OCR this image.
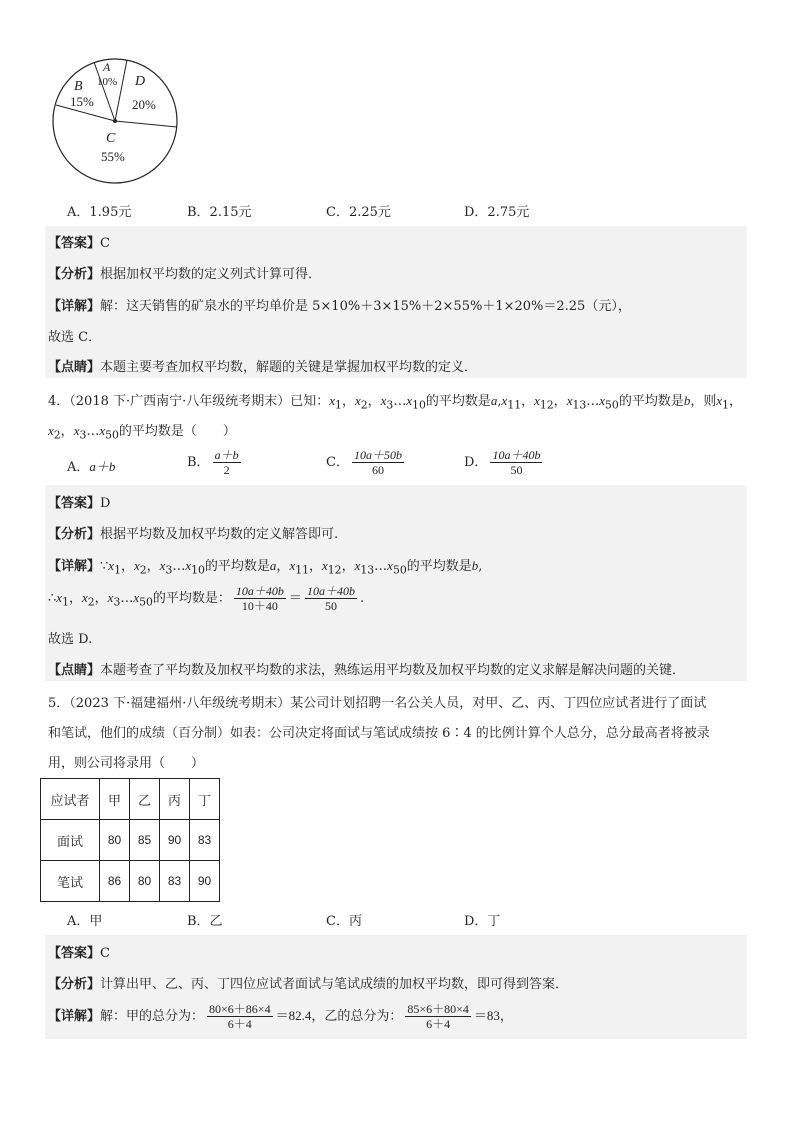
A
10% D
20%
B
15%
C
55%
A．1.95元	B．2.15元	C．2.25元	D．2.75元
【答案】C
【分析】根据加权平均数的定义列式计算可得．
【详解】解：这天销售的矿泉水的平均单价是 5×10%＋3×15%＋2×55%＋1×20%＝2.25（元），
故选 C．
【点睛】本题主要考查加权平均数，解题的关键是掌握加权平均数的定义．
4．（2018 下·广西南宁·八年级统考期末）已知：$x_1$，$x_2$，$x_3\dots x_{10}$的平均数是$a,x_{11}$，$x_{12}$，$x_{13}\dots x_{50}$的平均数是b，则$x_1$，
$x_2$，$x_3\dots x_{50}$的平均数是（　　）
A．a＋b	B． $\frac{a+b}{2}$	C． $\frac{10a+50b}{60}$	D． $\frac{10a+40b}{50}$
【答案】D
【分析】根据平均数及加权平均数的定义解答即可.
【详解】$\because x_1$，$x_2$，$x_3\dots x_{10}$的平均数是a，$x_{11}$，$x_{12}$，$x_{13}\dots x_{50}$的平均数是b,
$\therefore x_1$，$x_2$，$x_3\dots x_{50}$的平均数是： $\frac{10a+40b}{10+40} = \frac{10a+40b}{50}$ .
故选 D.
【点睛】本题考查了平均数及加权平均数的求法，熟练运用平均数及加权平均数的定义求解是解决问题的关键．
5．（2023 下·福建福州·八年级统考期末）某公司计划招聘一名公关人员，对甲、乙、丙、丁四位应试者进行了面试
和笔试，他们的成绩（百分制）如表：公司决定将面试与笔试成绩按 6∶4 的比例计算个人总分，总分最高者将被录
用，则公司将录用（　　）
应试者	甲	乙	丙	丁
面试	80	85	90	83
笔试	86	80	83	90
A．甲	B．乙	C．丙	D．丁
【答案】C
【分析】计算出甲、乙、丙、丁四位应试者面试与笔试成绩的加权平均数，即可得到答案．
【详解】解：甲的总分为： $\frac{80\times 6+86\times 4}{6+4} =82.4$，乙的总分为： $\frac{85\times 6+80\times 4}{6+4} =83$，
